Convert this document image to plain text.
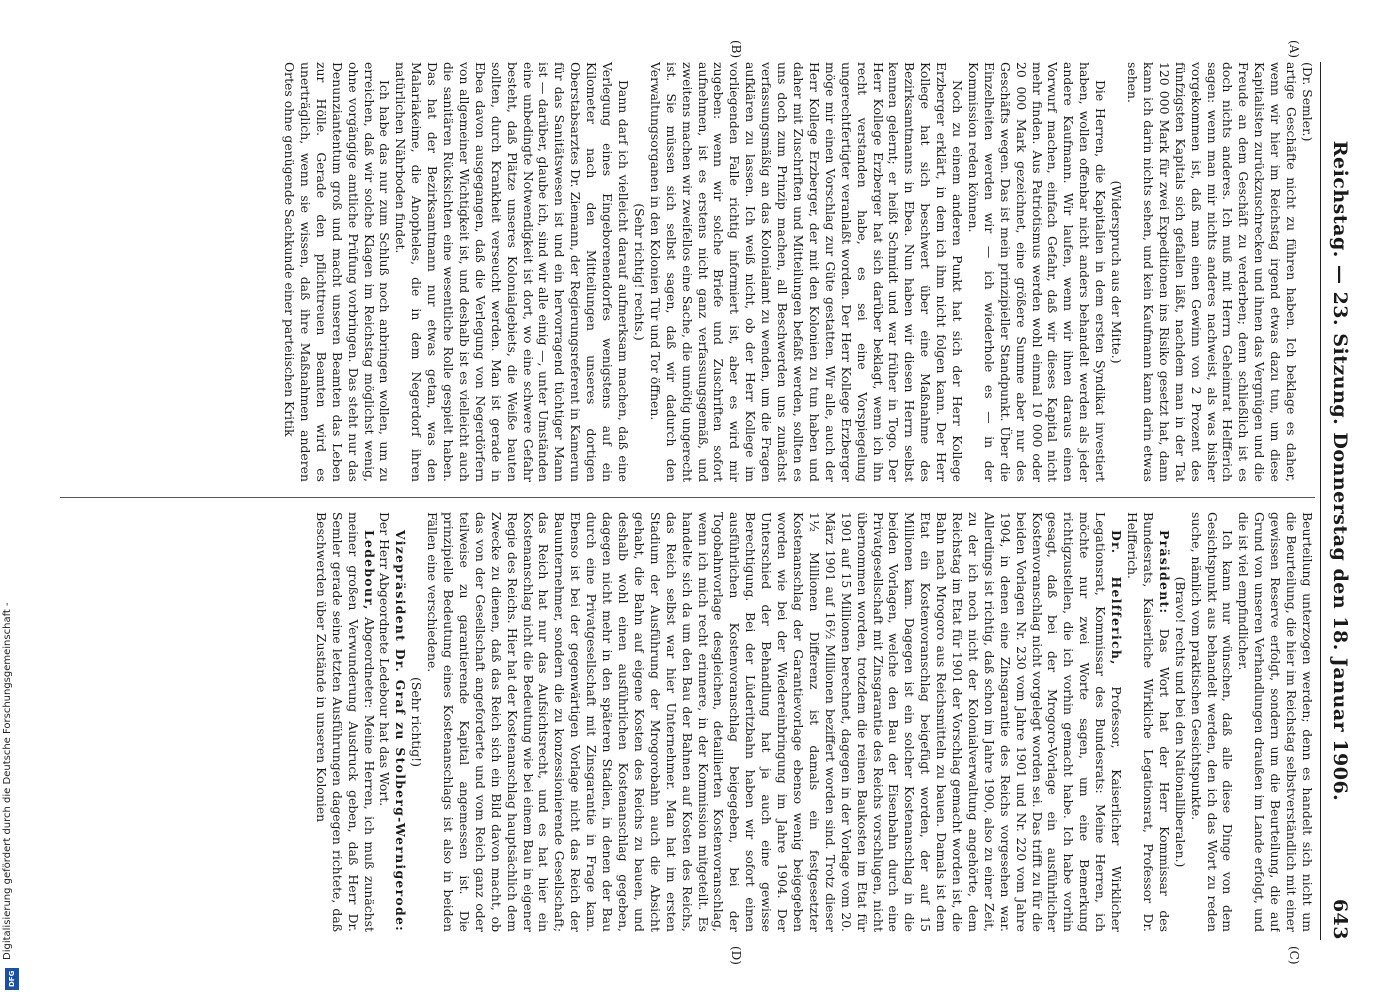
Digitalisierung gefördert durch die Deutsche Forschungsgemeinschaft -
DFG
Reichstag. — 23. Sitzung. Donnerstag den 18. Januar 1906.
643
(A)
(B)
(C)
(D)

(Dr. Semler.)

artige Geschäfte nicht zu führen haben. Ich beklage es daher, wenn wir hier im Reichstag irgend etwas dazu tun, um diese Kapitalisten zurückzuschrecken und ihnen das Vergnügen und die Freude an dem Geschäft zu verderben; denn schließlich ist es doch nichts anderes. Ich muß mit Herrn Geheimrat Helfferich sagen: wenn man mir nichts anderes nachweist, als was bisher vorgekommen ist, daß man einen Gewinn von 2 Prozent des fünfzigsten Kapitals sich gefallen läßt, nachdem man in der Tat 120 000 Mark für zwei Expeditionen ins Risiko gesetzt hat, dann kann ich darin nichts sehen, und kein Kaufmann kann darin etwas sehen.

(Widerspruch aus der Mitte.)

Die Herren, die Kapitalien in dem ersten Syndikat investiert haben, wollen offenbar nicht anders behandelt werden als jeder andere Kaufmann. Wir laufen, wenn wir ihnen daraus einen Vorwurf machen, einfach Gefahr, daß wir dieses Kapital nicht mehr finden. Aus Patriotismus werden wohl einmal 10 000 oder 20 000 Mark gezeichnet, eine größere Summe aber nur des Geschäfts wegen. Das ist mein prinzipieller Standpunkt. Über die Einzelheiten werden wir — ich wiederhole es — in der Kommission reden können.

Noch zu einem anderen Punkt hat sich der Herr Kollege Erzberger erklärt, in dem ich ihm nicht folgen kann. Der Herr Kollege hat sich beschwert über eine Maßnahme des Bezirksamtmanns in Ebea. Nun haben wir diesen Herrn selbst kennen gelernt; er heißt Schmidt und war früher in Togo. Der Herr Kollege Erzberger hat sich darüber beklagt, wenn ich ihn recht verstanden habe, es sei eine Vorspiegelung ungerechtfertigter veranlaßt worden. Der Herr Kollege Erzberger möge mir einen Vorschlag zur Güte gestatten. Wir alle, auch der Herr Kollege Erzberger, der mit den Kolonien zu tun haben und daher mit Zuschriften und Mitteilungen befaßt werden, sollten es uns doch zum Prinzip machen, all Beschwerden uns zunächst verfassungsmäßig an das Kolonialamt zu wenden, um die Fragen aufklären zu lassen. Ich weiß nicht, ob der Herr Kollege im vorliegenden Falle richtig informiert ist, aber es wird mir zugeben: wenn wir solche Briefe und Zuschriften sofort aufnehmen, ist es erstens nicht ganz verfassungsgemäß, und zweitens machen wir zweifellos eine Sache, die unnötig ungerecht ist. Sie müssen sich selbst sagen, daß wir dadurch den Verwaltungsorganen in den Kolonien Tür und Tor öffnen.

(Sehr richtig! rechts.)

Dann darf ich vielleicht darauf aufmerksam machen, daß eine Verlegung eines Eingeborenendorfes wenigstens auf ein Kilometer nach den Mitteilungen unseres dortigen Oberstabsarztes Dr. Ziemann, der Regierungsreferent in Kamerun für das Sanitätswesen ist und ein hervorragend tüchtiger Mann ist — darüber, glaube ich, sind wir alle einig —, unter Umständen eine unbedingte Notwendigkeit ist dort, wo eine schwere Gefahr besteht, daß Plätze unseres Kolonialgebiets, die Weiße bauten sollten, durch Krankheit verseucht werden. Man ist gerade in Ebea davon ausgegangen, daß die Verlegung von Negerdörfern von allgemeiner Wichtigkeit ist, und deshalb ist es vielleicht auch die sanitären Rücksichten eine wesentliche Rolle gespielt haben. Das hat der Bezirksamtmann nur etwas getan, was den Malariakeime, die Anopheles, die in dem Negerdorf ihren natürlichen Nährboden findet.

Ich habe das nur zum Schluß noch anbringen wollen, um zu erreichen, daß wir solche Klagen im Reichstag möglichst wenig, ohne vorgängige amtliche Prüfung vorbringen. Das steht nur das Denunziantentum groß und macht unseren Beamten das Leben zur Hölle. Gerade den pflichttreuen Beamten wird es unerträglich, wenn sie wissen, daß ihre Maßnahmen anderen Ortes ohne genügende Sachkunde einer parteiischen Kritik

Beurteilung unterzogen werden; denn es handelt sich nicht um die Beurteilung, die hier im Reichstag selbstverständlich mit einer gewissen Reserve erfolgt, sondern um die Beurteilung, die auf Grund von unseren Verhandlungen draußen im Lande erfolgt, und die ist viel empfindlicher.

Ich kann nur wünschen, daß alle diese Dinge von dem Gesichtspunkt aus behandelt werden, den ich das Wort zu reden suche, nämlich vom praktischen Gesichtspunkte.

(Bravo! rechts und bei den Nationalliberalen.)

Präsident: Das Wort hat der Herr Kommissar des Bundesrats, Kaiserliche Wirkliche Legationsrat, Professor Dr. Helfferich.

Dr. Helfferich, Professor, Kaiserlicher Wirklicher Legationsrat, Kommissar des Bundesrats: Meine Herren, ich möchte nur zwei Worte sagen, um eine Bemerkung richtigzustellen, die ich vorhin gemacht habe. Ich habe vorhin gesagt, daß bei der Mrogoro-Vorlage ein ausführlicher Kostenvoranschlag nicht vorgelegt worden sei. Das trifft zu für die beiden Vorlagen Nr. 230 vom Jahre 1901 und Nr. 220 vom Jahre 1904, in denen eine Zinsgarantie des Reichs vorgesehen war. Allerdings ist richtig, daß schon im Jahre 1900, also zu einer Zeit, zu der ich noch nicht der Kolonialverwaltung angehörte, dem Reichstag im Etat für 1901 der Vorschlag gemacht worden ist, die Bahn nach Mrogoro aus Reichsmitteln zu bauen. Damals ist dem Etat ein Kostenvoranschlag beigefügt worden, der auf 15 Millionen kam. Dagegen ist ein solcher Kostenanschlag in die beiden Vorlagen, welche den Bau der Eisenbahn durch eine Privatgesellschaft mit Zinsgarantie des Reichs vorschlugen, nicht übernommen worden, trotzdem die reinen Baukosten im Etat für 1901 auf 15 Millionen berechnet, dagegen in der Vorlage vom 20. März 1901 auf 16½ Millionen beziffert worden sind. Trotz dieser 1½ Millionen Differenz ist damals ein festgesetzter Kostenanschlag der Garantievorlage ebenso wenig beigegeben worden wie bei der Wiedereinbringung im Jahre 1904. Der Unterschied der Behandlung hat ja auch eine gewisse Berechtigung. Bei der Lüderitzbahn haben wir sofort einen ausführlichen Kostenvoranschlag beigegeben, bei der Togobahnvorlage desgleichen, detaillierten Kostenvoranschlag, wenn ich mich recht erinnere, in der Kommission mitgeteilt. Es handelte sich da um den Bau der Bahnen auf Kosten des Reichs, das Reich selbst war hier Unternehmer. Man hat im ersten Stadium der Ausführung der Mrogorobahn auch die Absicht gehabt, die Bahn auf eigene Kosten des Reichs zu bauen, und deshalb wohl einen ausführlichen Kostenanschlag gegeben, dagegen nicht mehr in den späteren Stadien, in denen der Bau durch eine Privatgesellschaft mit Zinsgarantie in Frage kam. Ebenso ist bei der gegenwärtigen Vorlage nicht das Reich der Bauunternehmer, sondern die zu konzessionierende Gesellschaft; das Reich hat nur das Aufsichtsrecht, und es hat hier ein Kostenanschlag nicht die Bedeutung wie bei einem Bau in eigener Regie des Reichs. Hier hat der Kostenanschlag hauptsächlich dem Zwecke zu dienen, daß das Reich sich ein Bild davon macht, ob das von der Gesellschaft angeforderte und vom Reich ganz oder teilweise zu garantierende Kapital angemessen ist. Die prinzipielle Bedeutung eines Kostenanschlags ist also in beiden Fällen eine verschiedene.

(Sehr richtig!)

Vizepräsident Dr. Graf zu Stolberg-Wernigerode: Der Herr Abgeordnete Ledebour hat das Wort.

Ledebour, Abgeordneter: Meine Herren, ich muß zunächst meiner großen Verwunderung Ausdruck geben, daß Herr Dr. Semler gerade seine letzten Ausführungen dagegen richtete, daß Beschwerden über Zustände in unseren Kolonien
